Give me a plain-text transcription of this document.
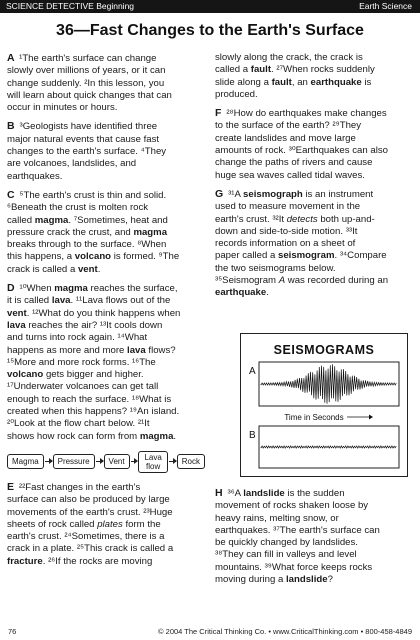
SCIENCE DETECTIVE Beginning	Earth Science
36—Fast Changes to the Earth's Surface
A ¹The earth's surface can change
slowly over millions of years, or it can
change suddenly. ²In this lesson, you
will learn about quick changes that can
occur in minutes or hours.
B ³Geologists have identified three
major natural events that cause fast
changes to the earth's surface. ⁴They
are volcanoes, landslides, and
earthquakes.
C ⁵The earth's crust is thin and solid.
⁶Beneath the crust is molten rock
called magma. ⁷Sometimes, heat and
pressure crack the crust, and magma
breaks through to the surface. ⁸When
this happens, a volcano is formed. ⁹The
crack is called a vent.
D ¹⁰When magma reaches the surface,
it is called lava. ¹¹Lava flows out of the
vent. ¹²What do you think happens when
lava reaches the air? ¹³It cools down
and turns into rock again. ¹⁴What
happens as more and more lava flows?
¹⁵More and more rock forms. ¹⁶The
volcano gets bigger and higher.
¹⁷Underwater volcanoes can get tall
enough to reach the surface. ¹⁸What is
created when this happens? ¹⁹An island.
²⁰Look at the flow chart below. ²¹It
shows how rock can form from magma.
Magma	Pressure	Vent	Lava
flow	Rock
E ²²Fast changes in the earth's
surface can also be produced by large
movements of the earth's crust. ²³Huge
sheets of rock called plates form the
earth's crust. ²⁴Sometimes, there is a
crack in a plate. ²⁵This crack is called a
fracture. ²⁶If the rocks are moving
slowly along the crack, the crack is
called a fault. ²⁷When rocks suddenly
slide along a fault, an earthquake is
produced.
F ²⁸How do earthquakes make changes
to the surface of the earth? ²⁹They
create landslides and move large
amounts of rock. ³⁰Earthquakes can also
change the paths of rivers and cause
huge sea waves called tidal waves.
G ³¹A seismograph is an instrument
used to measure movement in the
earth's crust. ³²It detects both up-and-
down and side-to-side motion. ³³It
records information on a sheet of
paper called a seismogram. ³⁴Compare
the two seismograms below.
³⁵Seismogram A was recorded during an
earthquake.
SEISMOGRAMS
A
Time in Seconds
B
H ³⁶A landslide is the sudden
movement of rocks shaken loose by
heavy rains, melting snow, or
earthquakes. ³⁷The earth's surface can
be quickly changed by landslides.
³⁸They can fill in valleys and level
mountains. ³⁹What force keeps rocks
moving during a landslide?
76	© 2004 The Critical Thinking Co. • www.CriticalThinking.com • 800-458-4849
